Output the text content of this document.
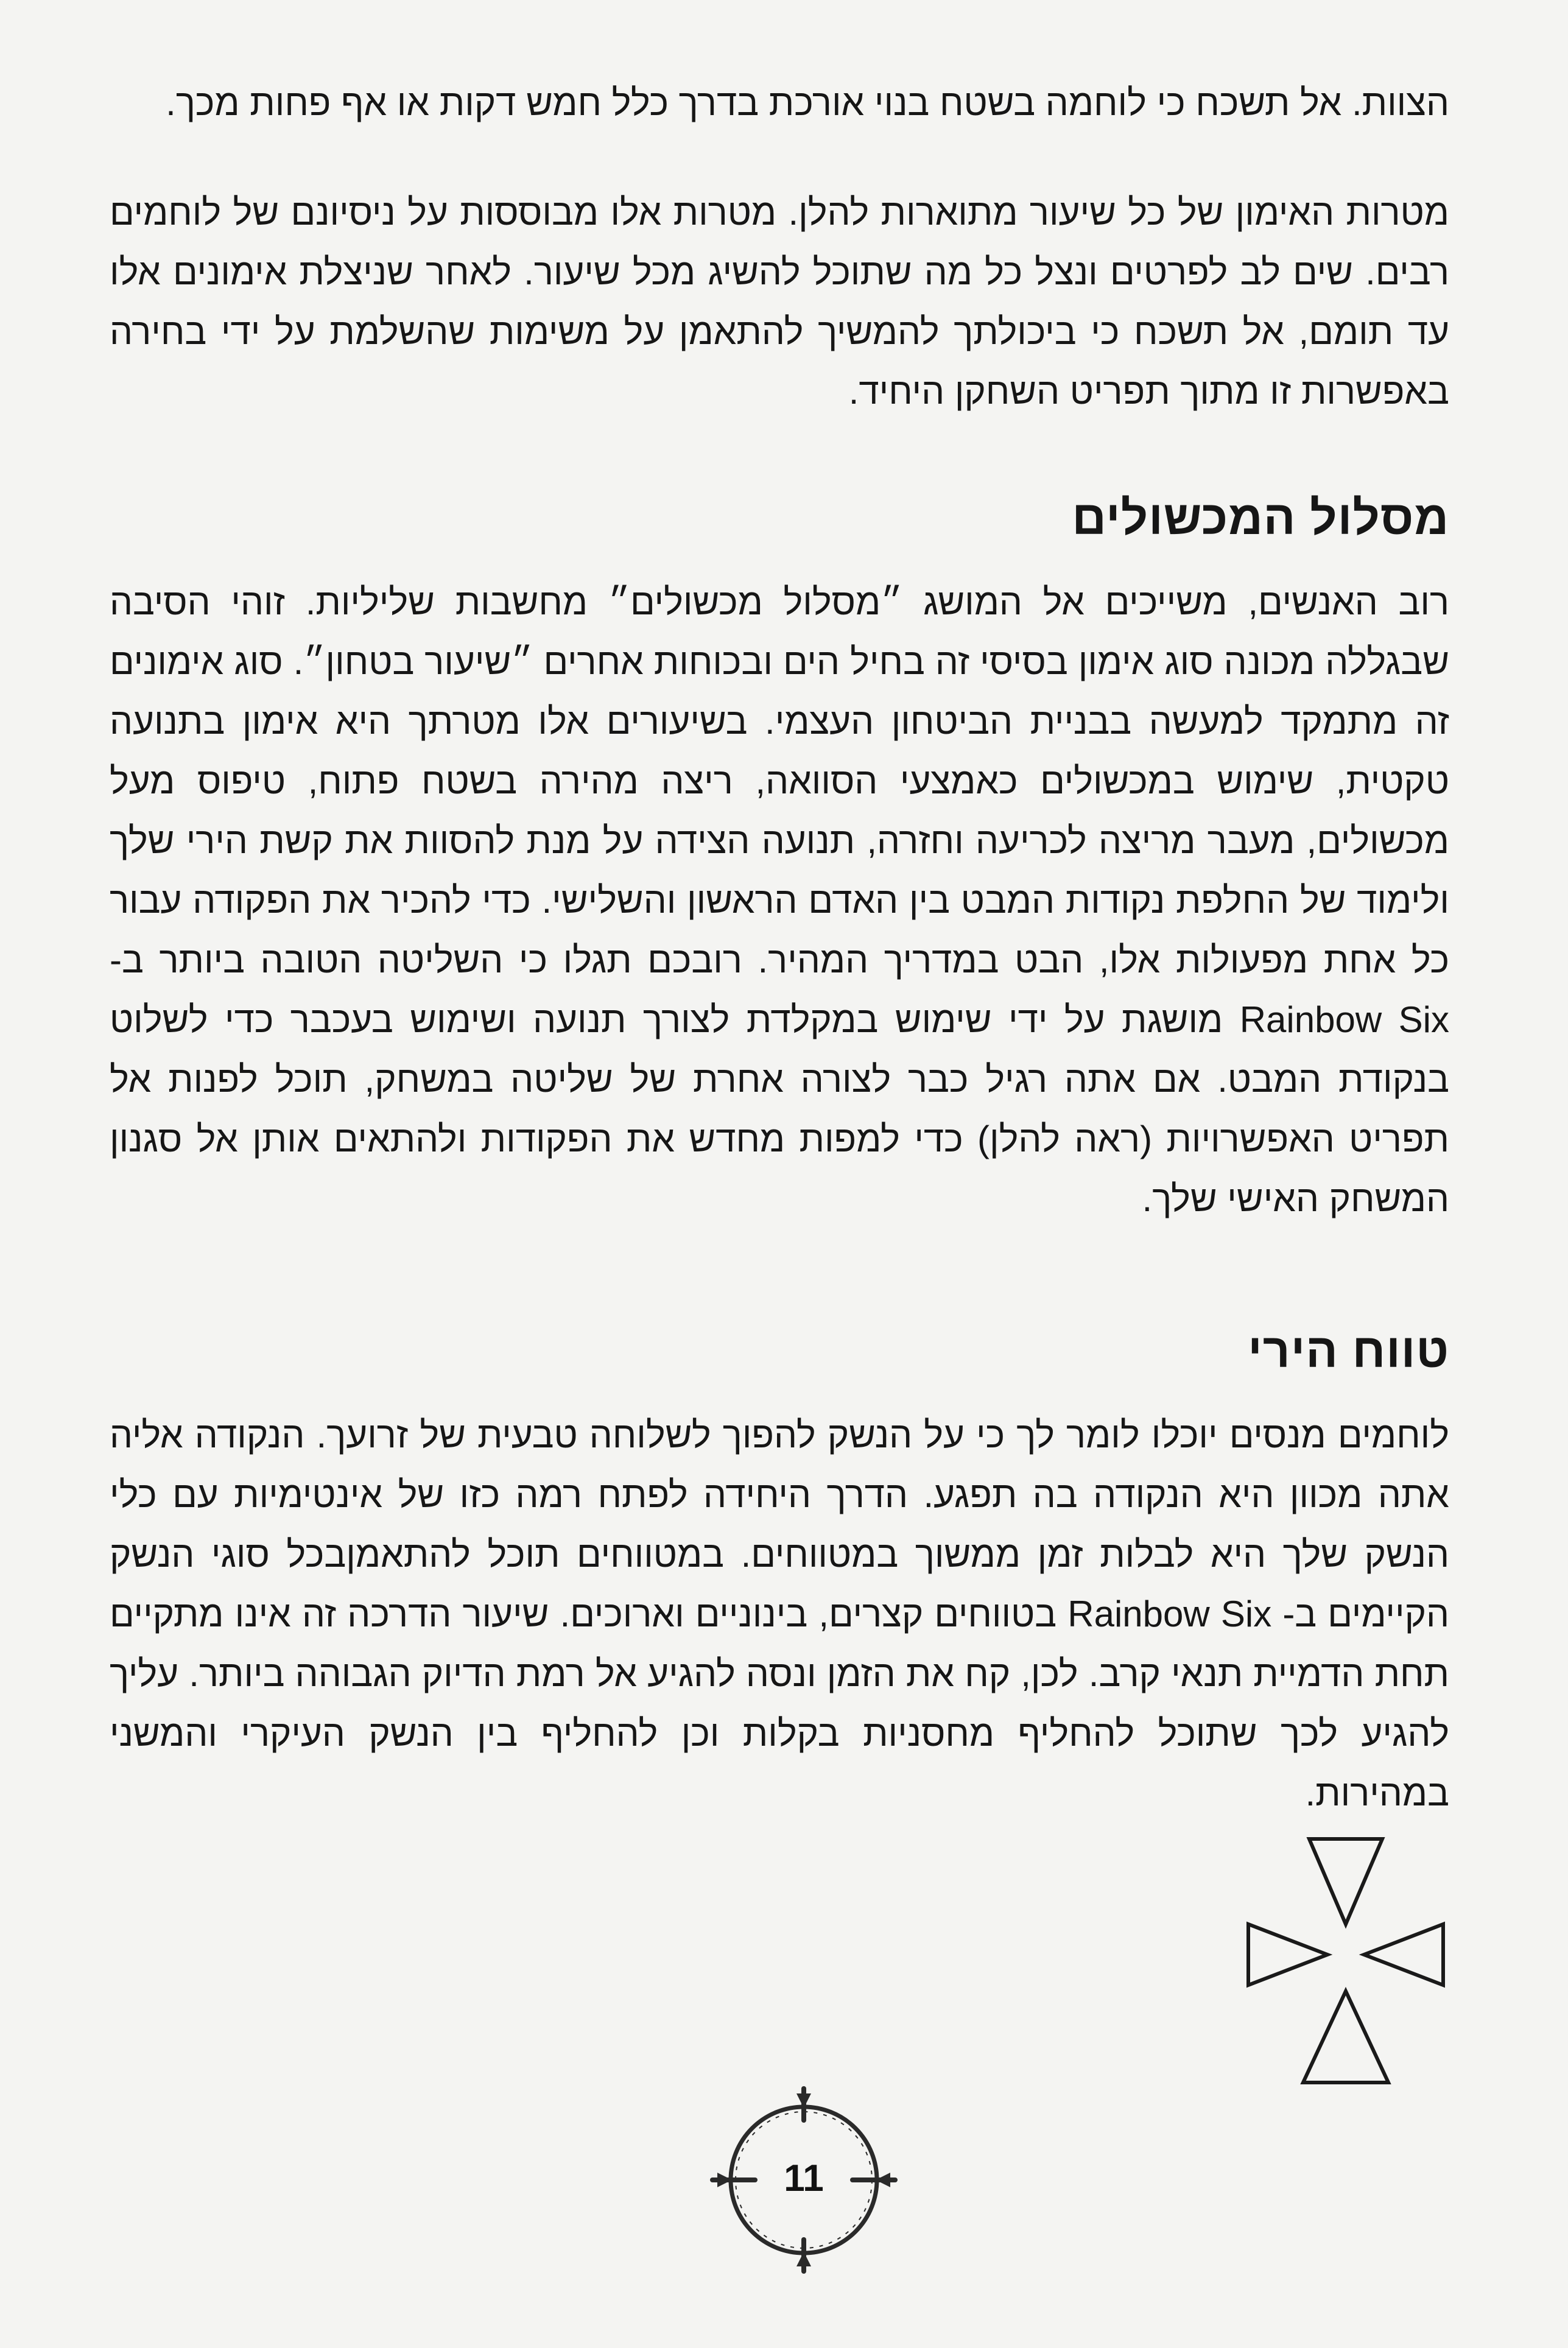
הצוות. אל תשכח כי לוחמה בשטח בנוי אורכת בדרך כלל חמש דקות או אף פחות מכך.

מטרות האימון של כל שיעור מתוארות להלן. מטרות אלו מבוססות על ניסיונם של לוחמים רבים. שים לב לפרטים ונצל כל מה שתוכל להשיג מכל שיעור. לאחר שניצלת אימונים אלו עד תומם, אל תשכח כי ביכולתך להמשיך להתאמן על משימות שהשלמת על ידי בחירה באפשרות זו מתוך תפריט השחקן היחיד.

מסלול המכשולים

רוב האנשים, משייכים אל המושג ״מסלול מכשולים״ מחשבות שליליות. זוהי הסיבה שבגללה מכונה סוג אימון בסיסי זה בחיל הים ובכוחות אחרים ״שיעור בטחון״. סוג אימונים זה מתמקד למעשה בבניית הביטחון העצמי. בשיעורים אלו מטרתך היא אימון בתנועה טקטית, שימוש במכשולים כאמצעי הסוואה, ריצה מהירה בשטח פתוח, טיפוס מעל מכשולים, מעבר מריצה לכריעה וחזרה, תנועה הצידה על מנת להסוות את קשת הירי שלך ולימוד של החלפת נקודות המבט בין האדם הראשון והשלישי. כדי להכיר את הפקודה עבור כל אחת מפעולות אלו, הבט במדריך המהיר. רובכם תגלו כי השליטה הטובה ביותר ב- Rainbow Six מושגת על ידי שימוש במקלדת לצורך תנועה ושימוש בעכבר כדי לשלוט בנקודת המבט. אם אתה רגיל כבר לצורה אחרת של שליטה במשחק, תוכל לפנות אל תפריט האפשרויות (ראה להלן) כדי למפות מחדש את הפקודות ולהתאים אותן אל סגנון המשחק האישי שלך.

טווח הירי

לוחמים מנסים יוכלו לומר לך כי על הנשק להפוך לשלוחה טבעית של זרועך. הנקודה אליה אתה מכוון היא הנקודה בה תפגע. הדרך היחידה לפתח רמה כזו של אינטימיות עם כלי הנשק שלך היא לבלות זמן ממשוך במטווחים. במטווחים תוכל להתאמןבכל סוגי הנשק הקיימים ב- Rainbow Six בטווחים קצרים, בינוניים וארוכים. שיעור הדרכה זה אינו מתקיים תחת הדמיית תנאי קרב. לכן, קח את הזמן ונסה להגיע אל רמת הדיוק הגבוהה ביותר. עליך להגיע לכך שתוכל להחליף מחסניות בקלות וכן להחליף בין הנשק העיקרי והמשני במהירות.

11
